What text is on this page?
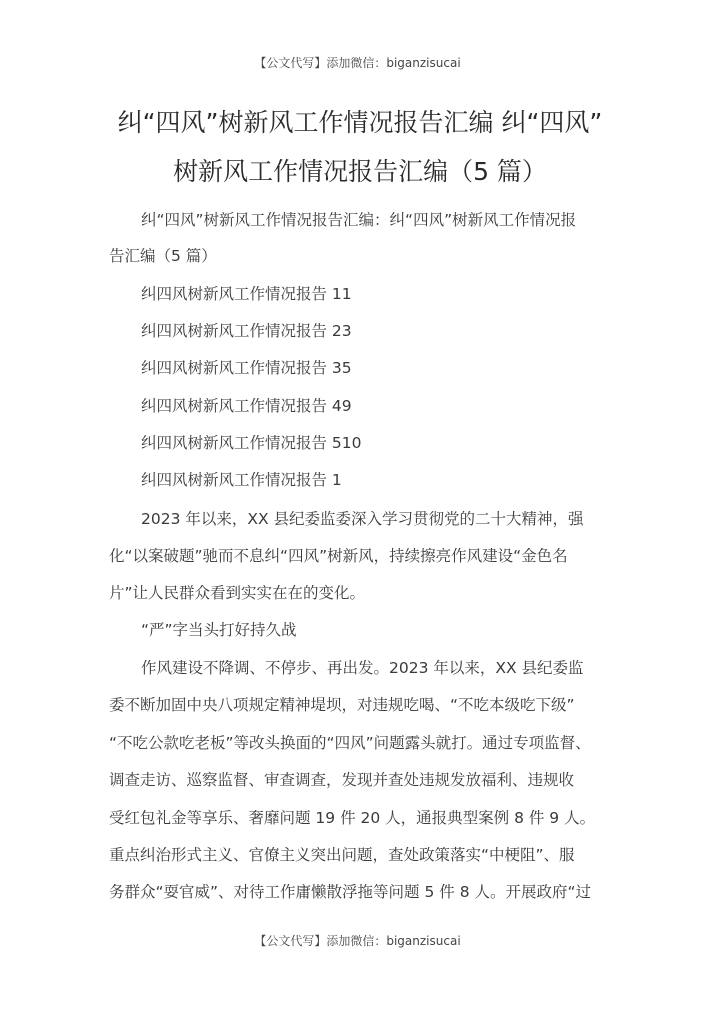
【公文代写】添加微信：biganzisucai
纠“四风”树新风工作情况报告汇编 纠“四风”
树新风工作情况报告汇编（5 篇）
纠“四风”树新风工作情况报告汇编：纠“四风”树新风工作情况报
告汇编（5 篇）
纠四风树新风工作情况报告 11
纠四风树新风工作情况报告 23
纠四风树新风工作情况报告 35
纠四风树新风工作情况报告 49
纠四风树新风工作情况报告 510
纠四风树新风工作情况报告 1
2023 年以来，XX 县纪委监委深入学习贯彻党的二十大精神，强
化“以案破题”驰而不息纠“四风”树新风，持续擦亮作风建设“金色名
片”让人民群众看到实实在在的变化。
“严”字当头打好持久战
作风建设不降调、不停步、再出发。2023 年以来，XX 县纪委监
委不断加固中央八项规定精神堤坝，对违规吃喝、“不吃本级吃下级”
“不吃公款吃老板”等改头换面的“四风”问题露头就打。通过专项监督、
调查走访、巡察监督、审查调查，发现并查处违规发放福利、违规收
受红包礼金等享乐、奢靡问题 19 件 20 人，通报典型案例 8 件 9 人。
重点纠治形式主义、官僚主义突出问题，查处政策落实“中梗阻”、服
务群众“耍官威”、对待工作庸懒散浮拖等问题 5 件 8 人。开展政府“过
【公文代写】添加微信：biganzisucai
